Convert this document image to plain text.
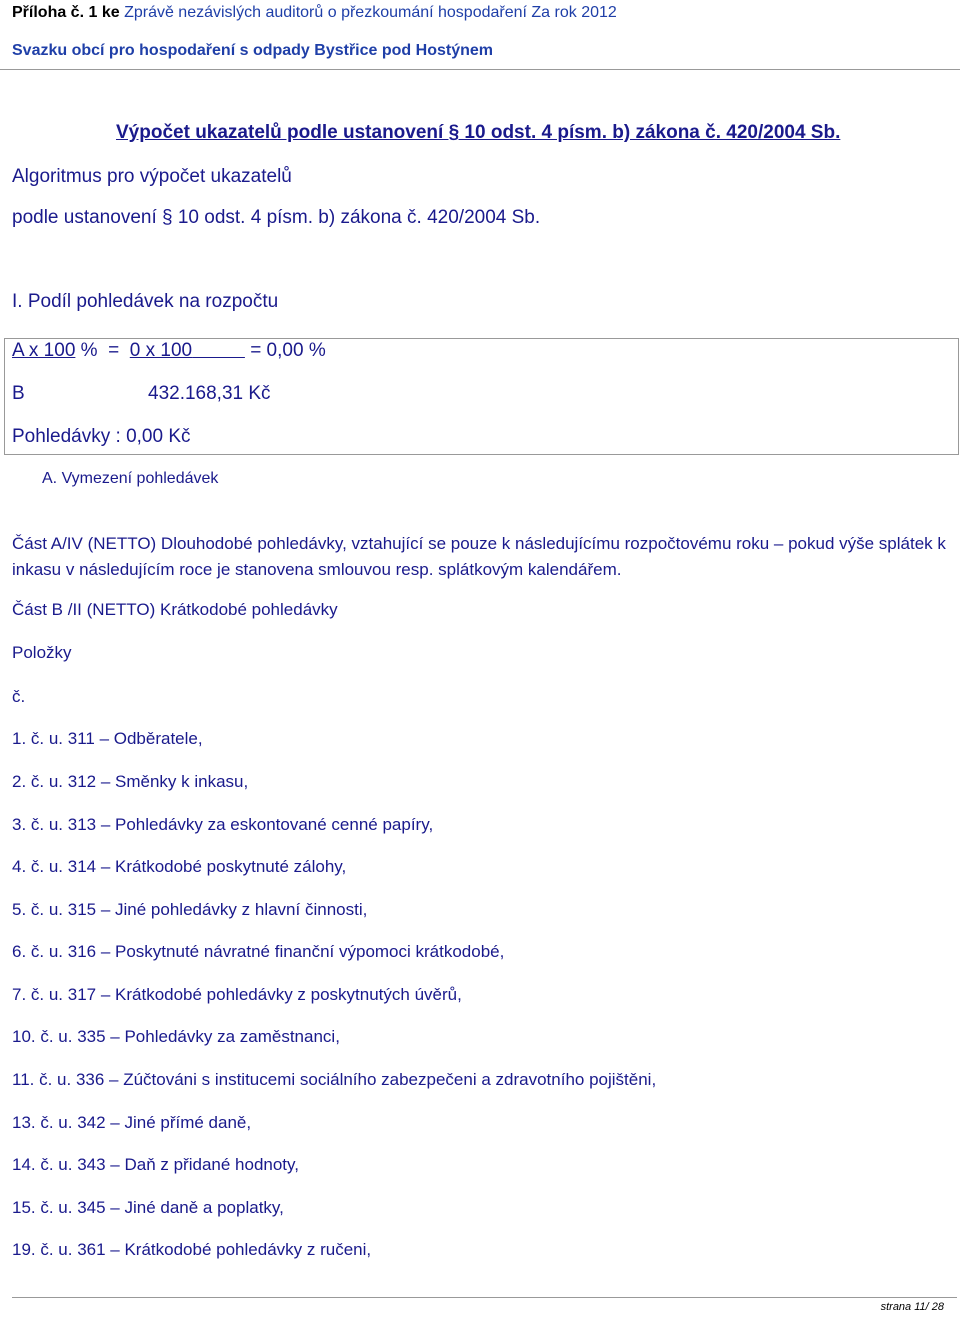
Příloha č. 1 ke Zprávě nezávislých auditorů o přezkoumání hospodaření Za rok 2012
Svazku obcí pro hospodaření s odpady Bystřice pod Hostýnem
Výpočet ukazatelů podle ustanovení § 10 odst. 4 písm. b) zákona č. 420/2004 Sb.
Algoritmus pro výpočet ukazatelů
podle ustanovení § 10 odst. 4 písm. b) zákona č. 420/2004 Sb.
I. Podíl pohledávek na rozpočtu
A x 100 %  =  0 x 100	= 0,00 %
B	432.168,31 Kč
Pohledávky : 0,00 Kč
A. Vymezení pohledávek
Část A/IV (NETTO) Dlouhodobé pohledávky, vztahující se pouze k následujícímu rozpočtovému roku – pokud výše splátek k inkasu v následujícím roce je stanovena smlouvou resp. splátkovým kalendářem.
Část B /II (NETTO) Krátkodobé pohledávky
Položky
č.
1. č. u. 311 – Odběratele,
2. č. u. 312 – Směnky k inkasu,
3. č. u. 313 – Pohledávky za eskontované cenné papíry,
4. č. u. 314 – Krátkodobé poskytnuté zálohy,
5. č. u. 315 – Jiné pohledávky z hlavní činnosti,
6. č. u. 316 – Poskytnuté návratné finanční výpomoci krátkodobé,
7. č. u. 317 – Krátkodobé pohledávky z poskytnutých úvěrů,
10. č. u. 335 – Pohledávky za zaměstnanci,
11. č. u. 336 – Zúčtováni s institucemi sociálního zabezpečeni a zdravotního pojištěni,
13. č. u. 342 – Jiné přímé daně,
14. č. u. 343 – Daň z přidané hodnoty,
15. č. u. 345 – Jiné daně a poplatky,
19. č. u. 361 – Krátkodobé pohledávky z ručeni,
strana 11/ 28
